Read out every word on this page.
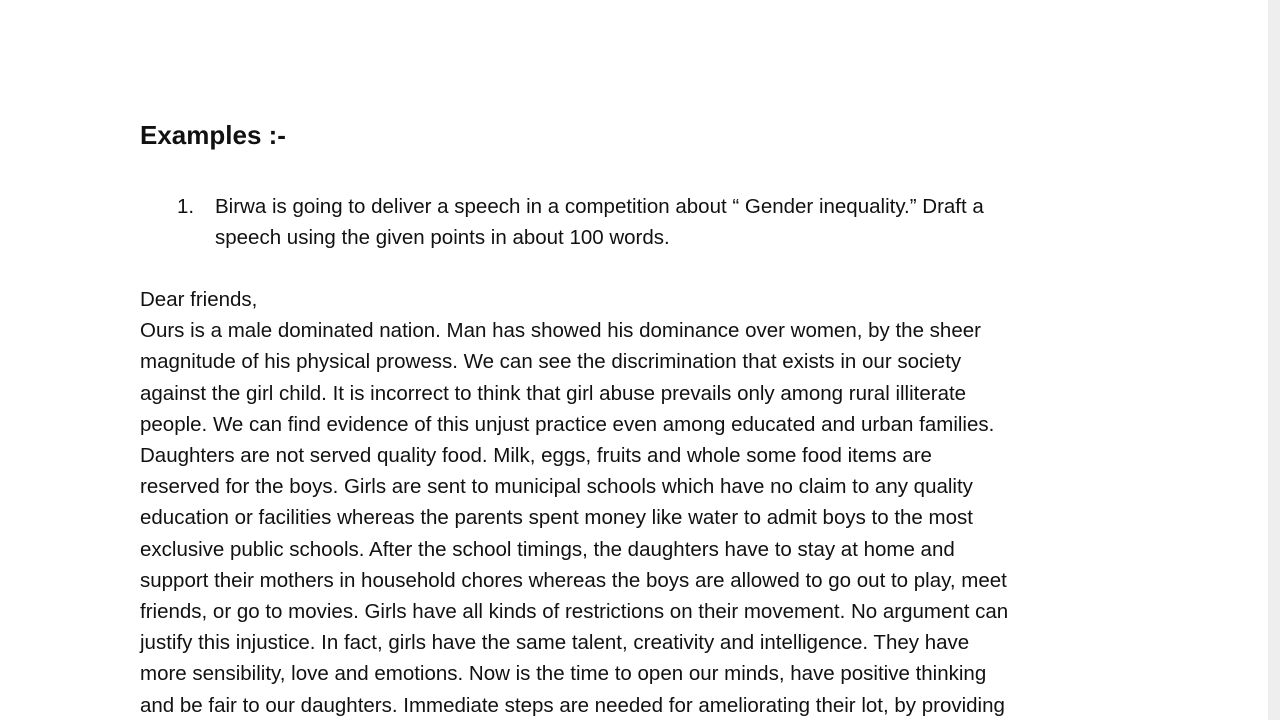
Examples :-
1. Birwa is going to deliver a speech in a competition about “ Gender inequality.” Draft a
speech using the given points in about 100 words.
Dear friends,
Ours is a male dominated nation. Man has showed his dominance over women, by the sheer
magnitude of his physical prowess. We can see the discrimination that exists in our society
against the girl child. It is incorrect to think that girl abuse prevails only among rural illiterate
people. We can find evidence of this unjust practice even among educated and urban families.
Daughters are not served quality food. Milk, eggs, fruits and whole some food items are
reserved for the boys. Girls are sent to municipal schools which have no claim to any quality
education or facilities whereas the parents spent money like water to admit boys to the most
exclusive public schools. After the school timings, the daughters have to stay at home and
support their mothers in household chores whereas the boys are allowed to go out to play, meet
friends, or go to movies. Girls have all kinds of restrictions on their movement. No argument can
justify this injustice. In fact, girls have the same talent, creativity and intelligence. They have
more sensibility, love and emotions. Now is the time to open our minds, have positive thinking
and be fair to our daughters. Immediate steps are needed for ameliorating their lot, by providing
